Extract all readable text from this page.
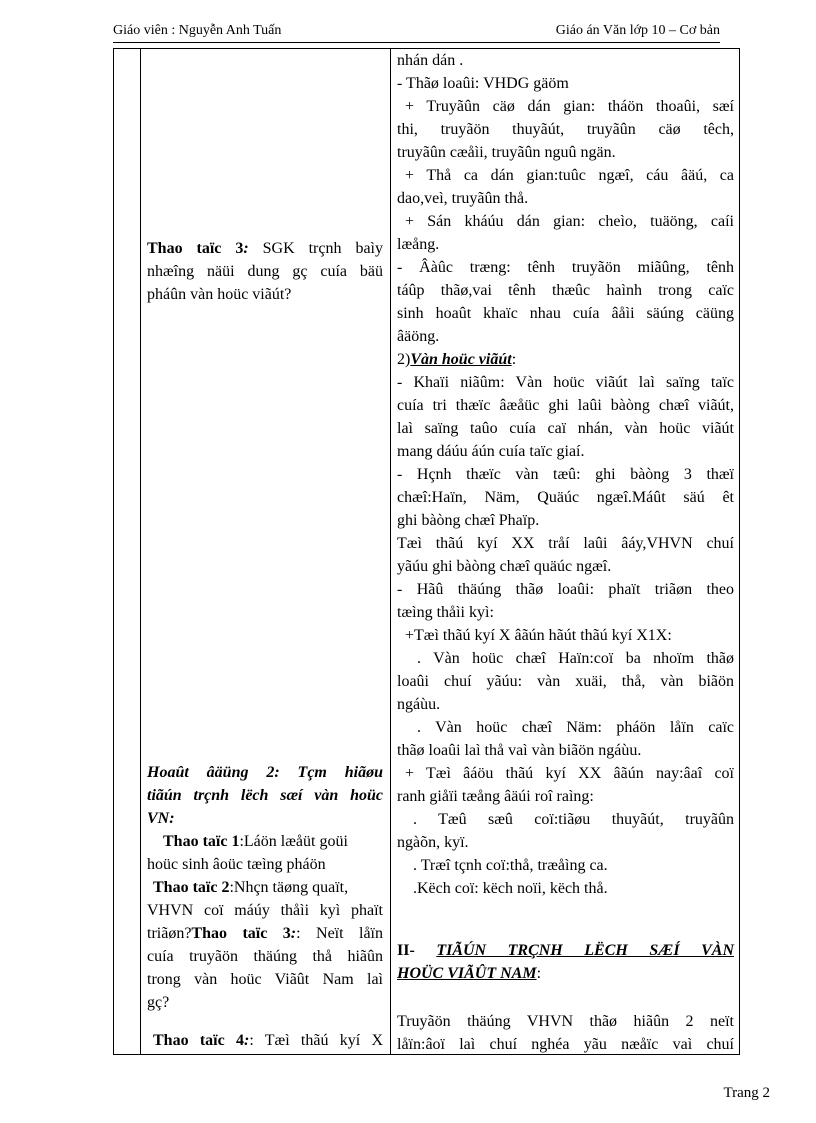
Giáo viên : Nguyễn Anh Tuấn	Giáo án Văn lớp 10 – Cơ bản

Thao taïc 3: SGK trçnh baìy
nhæîng näüi dung gç cuía bäü
pháûn vàn hoüc viãút?
Hoaût âäüng 2: Tçm hiãøu
tiãún trçnh lëch sæí vàn hoüc
VN:
Thao taïc 1:Láön læåüt goüi
hoüc sinh âoüc tæìng pháön
Thao taïc 2:Nhçn täøng quaït,
VHVN coï máúy thåìi kyì phaït
triãøn?Thao taïc 3:: Neït låïn
cuía truyãön thäúng thå hiãûn
trong vàn hoüc Viãût Nam laì
gç?
Thao taïc 4:: Tæì thãú kyí X

nhán dán .
- Thãø loaûi: VHDG gäöm
+ Truyãûn cäø dán gian: tháön thoaûi, sæí
thi, truyãön thuyãút, truyãûn cäø têch,
truyãûn cæåìi, truyãûn nguû ngän.
+ Thå ca dán gian:tuûc ngæî, cáu âäú, ca
dao,veì, truyãûn thå.
+ Sán kháúu dán gian: cheìo, tuäöng, caíi
læång.
- Âàûc træng: tênh truyãön miãûng, tênh
táûp thãø,vai tênh thæûc haình trong caïc
sinh hoaût khaïc nhau cuía âåìi säúng cäüng
âäöng.
2)Vàn hoüc viãút:
- Khaïi niãûm: Vàn hoüc viãút laì saïng taïc
cuía tri thæïc âæåüc ghi laûi bàòng chæî viãút,
laì saïng taûo cuía caï nhán, vàn hoüc viãút
mang dáúu áún cuía taïc giaí.
- Hçnh thæïc vàn tæû: ghi bàòng 3 thæï
chæî:Haïn, Näm, Quäúc ngæî.Máût säú êt
ghi bàòng chæî Phaïp.
Tæì thãú kyí XX tråí laûi âáy,VHVN chuí
yãúu ghi bàòng chæî quäúc ngæî.
- Hãû thäúng thãø loaûi: phaït triãøn theo
tæìng thåìi kyì:
+Tæì thãú kyí X âãún hãút thãú kyí X1X:
. Vàn hoüc chæî Haïn:coï ba nhoïm thãø
loaûi chuí yãúu: vàn xuäi, thå, vàn biãön
ngáùu.
. Vàn hoüc chæî Näm: pháön låïn caïc
thãø loaûi laì thå vaì vàn biãön ngáùu.
+ Tæì âáöu thãú kyí XX âãún nay:âaî coï
ranh giåïi tæång âäúi roî raìng:
. Tæû sæû coï:tiãøu thuyãút, truyãûn
ngàõn, kyï.
. Træî tçnh coï:thå, træåìng ca.
.Këch coï: këch noïi, këch thå.
II- TIÃÚN TRÇNH LËCH SÆÍ VÀN
HOÜC VIÃÛT NAM:
Truyãön thäúng VHVN thãø hiãûn 2 neït
låïn:âoï laì chuí nghéa yãu næåïc vaì chuí
Trang 2
